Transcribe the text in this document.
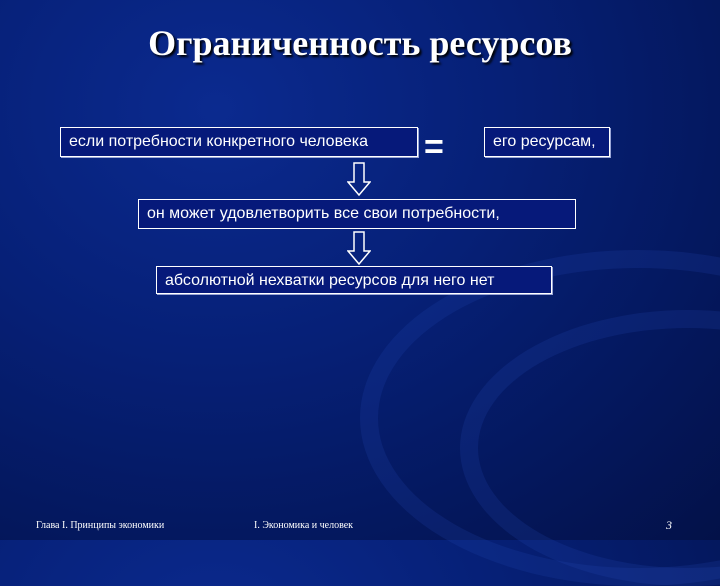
Ограниченность ресурсов
если потребности конкретного человека	=	его ресурсам,
он может удовлетворить все свои потребности,
абсолютной нехватки ресурсов для него нет
Глава I. Принципы экономики	I. Экономика и человек	3
